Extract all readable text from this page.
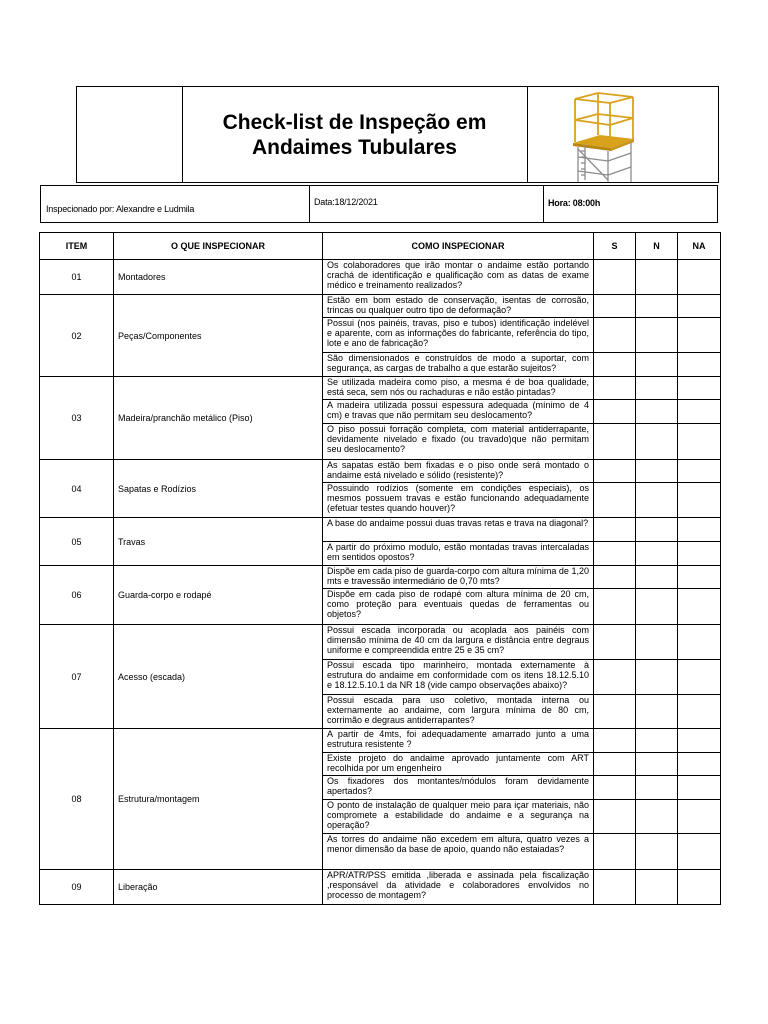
Check-list de Inspeção em
Andaimes Tubulares
Inspecionado por: Alexandre e Ludmila
Data:18/12/2021	Hora: 08:00h
ITEM	O QUE INSPECIONAR	COMO INSPECIONAR	S	N	NA
01	Montadores	Os colaboradores que irão montar o andaime estão portando crachá de identificação e qualificação com as datas de exame médico e treinamento realizados?			
02	Peças/Componentes	Estão em bom estado de conservação, isentas de corrosão, trincas ou qualquer outro tipo de deformação?			
		Possui (nos painéis, travas, piso e tubos) identificação indelével e aparente, com as informações do fabricante, referência do tipo, lote e ano de fabricação?			
		São dimensionados e construídos de modo a suportar, com segurança, as cargas de trabalho a que estarão sujeitos?			
03	Madeira/pranchão metálico (Piso)	Se utilizada madeira como piso, a mesma é de boa qualidade, está seca, sem nós ou rachaduras e não estão pintadas?			
		A madeira utilizada possui espessura adequada (mínimo de 4 cm) e travas que não permitam seu deslocamento?			
		O piso possui forração completa, com material antiderrapante, devidamente nivelado e fixado (ou travado)que não permitam seu deslocamento?			
04	Sapatas e Rodízios	As sapatas estão bem fixadas e o piso onde será montado o andaime está nivelado e sólido (resistente)?			
		Possuindo rodízios (somente em condições especiais), os mesmos possuem travas e estão funcionando adequadamente (efetuar testes quando houver)?			
05	Travas	A base do andaime possui duas travas retas e trava na diagonal?			
		A partir do próximo modulo, estão montadas travas intercaladas em sentidos opostos?			
06	Guarda-corpo e rodapé	Dispõe em cada piso de guarda-corpo com altura mínima de 1,20 mts e travessão intermediário de 0,70 mts?			
		Dispõe em cada piso de rodapé com altura mínima de 20 cm, como proteção para eventuais quedas de ferramentas ou objetos?			
07	Acesso (escada)	Possui escada incorporada ou acoplada aos painéis com dimensão mínima de 40 cm da largura e distância entre degraus uniforme e compreendida entre 25 e 35 cm?			
		Possui escada tipo marinheiro, montada externamente à estrutura do andaime em conformidade com os itens 18.12.5.10 e 18.12.5.10.1 da NR 18 (vide campo observações abaixo)?			
		Possui escada para uso coletivo, montada interna ou externamente ao andaime, com largura mínima de 80 cm, corrimão e degraus antiderrapantes?			
08	Estrutura/montagem	A partir de 4mts, foi adequadamente amarrado junto a uma estrutura resistente ?			
		Existe projeto do andaime aprovado juntamente com ART recolhida por um engenheiro			
		Os fixadores dos montantes/módulos foram devidamente apertados?			
		O ponto de instalação de qualquer meio para içar materiais, não compromete a estabilidade do andaime e a segurança na operação?			
		As torres do andaime não excedem em altura, quatro vezes a menor dimensão da base de apoio, quando não estaiadas?			
09	Liberação	APR/ATR/PSS emitida ,liberada e assinada pela fiscalização ,responsável da atividade e colaboradores envolvidos no processo de montagem?			
